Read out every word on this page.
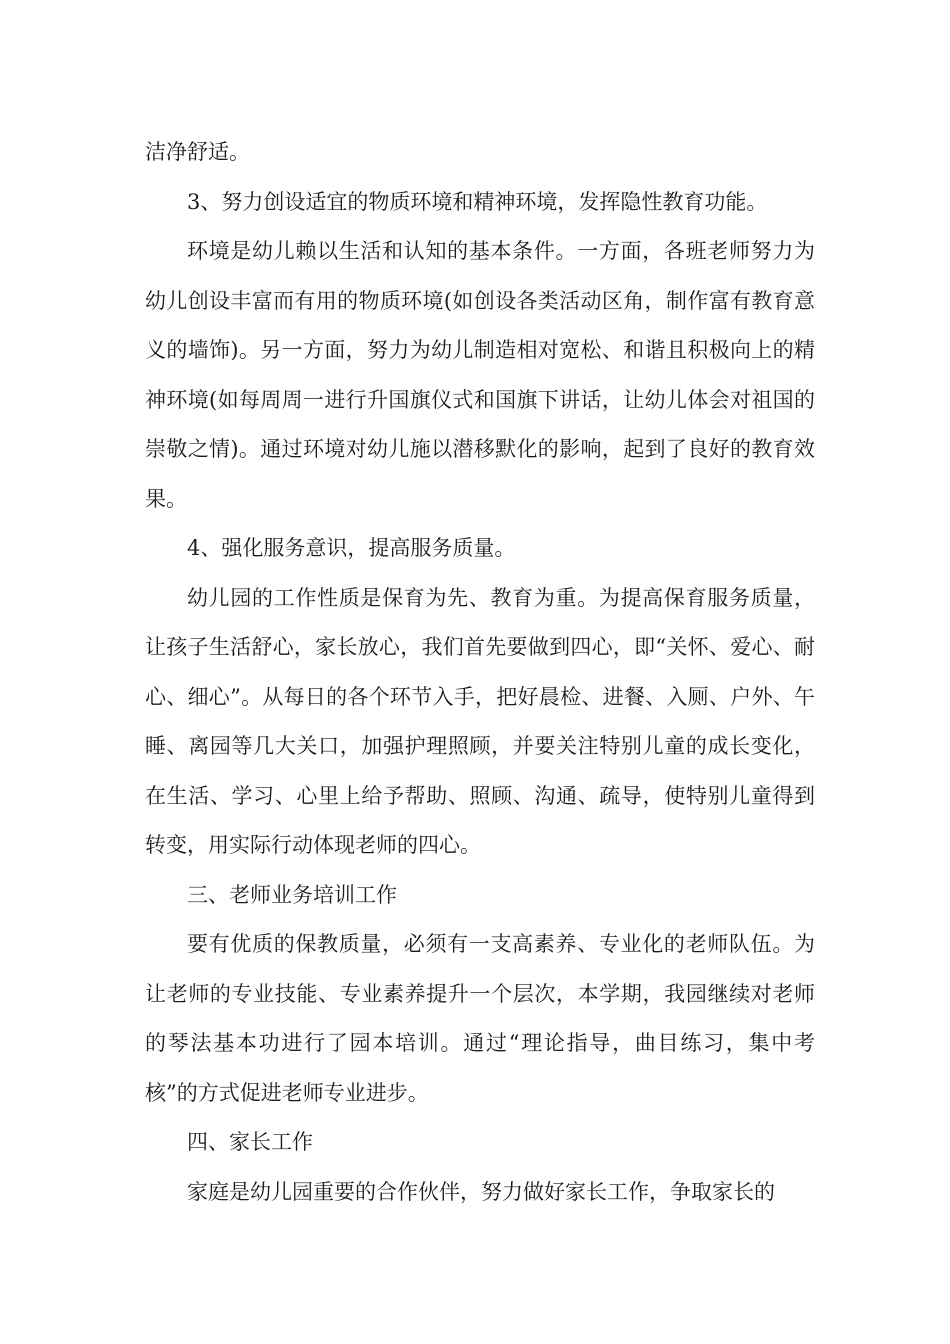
洁净舒适。

3、努力创设适宜的物质环境和精神环境，发挥隐性教育功能。

环境是幼儿赖以生活和认知的基本条件。一方面，各班老师努力为幼儿创设丰富而有用的物质环境(如创设各类活动区角，制作富有教育意义的墙饰)。另一方面，努力为幼儿制造相对宽松、和谐且积极向上的精神环境(如每周周一进行升国旗仪式和国旗下讲话，让幼儿体会对祖国的崇敬之情)。通过环境对幼儿施以潜移默化的影响，起到了良好的教育效果。

4、强化服务意识，提高服务质量。

幼儿园的工作性质是保育为先、教育为重。为提高保育服务质量，让孩子生活舒心，家长放心，我们首先要做到四心，即“关怀、爱心、耐心、细心”。从每日的各个环节入手，把好晨检、进餐、入厕、户外、午睡、离园等几大关口，加强护理照顾，并要关注特别儿童的成长变化，在生活、学习、心里上给予帮助、照顾、沟通、疏导，使特别儿童得到转变，用实际行动体现老师的四心。

三、老师业务培训工作

要有优质的保教质量，必须有一支高素养、专业化的老师队伍。为让老师的专业技能、专业素养提升一个层次，本学期，我园继续对老师的琴法基本功进行了园本培训。通过“理论指导，曲目练习，集中考核”的方式促进老师专业进步。

四、家长工作

家庭是幼儿园重要的合作伙伴，努力做好家长工作，争取家长的
